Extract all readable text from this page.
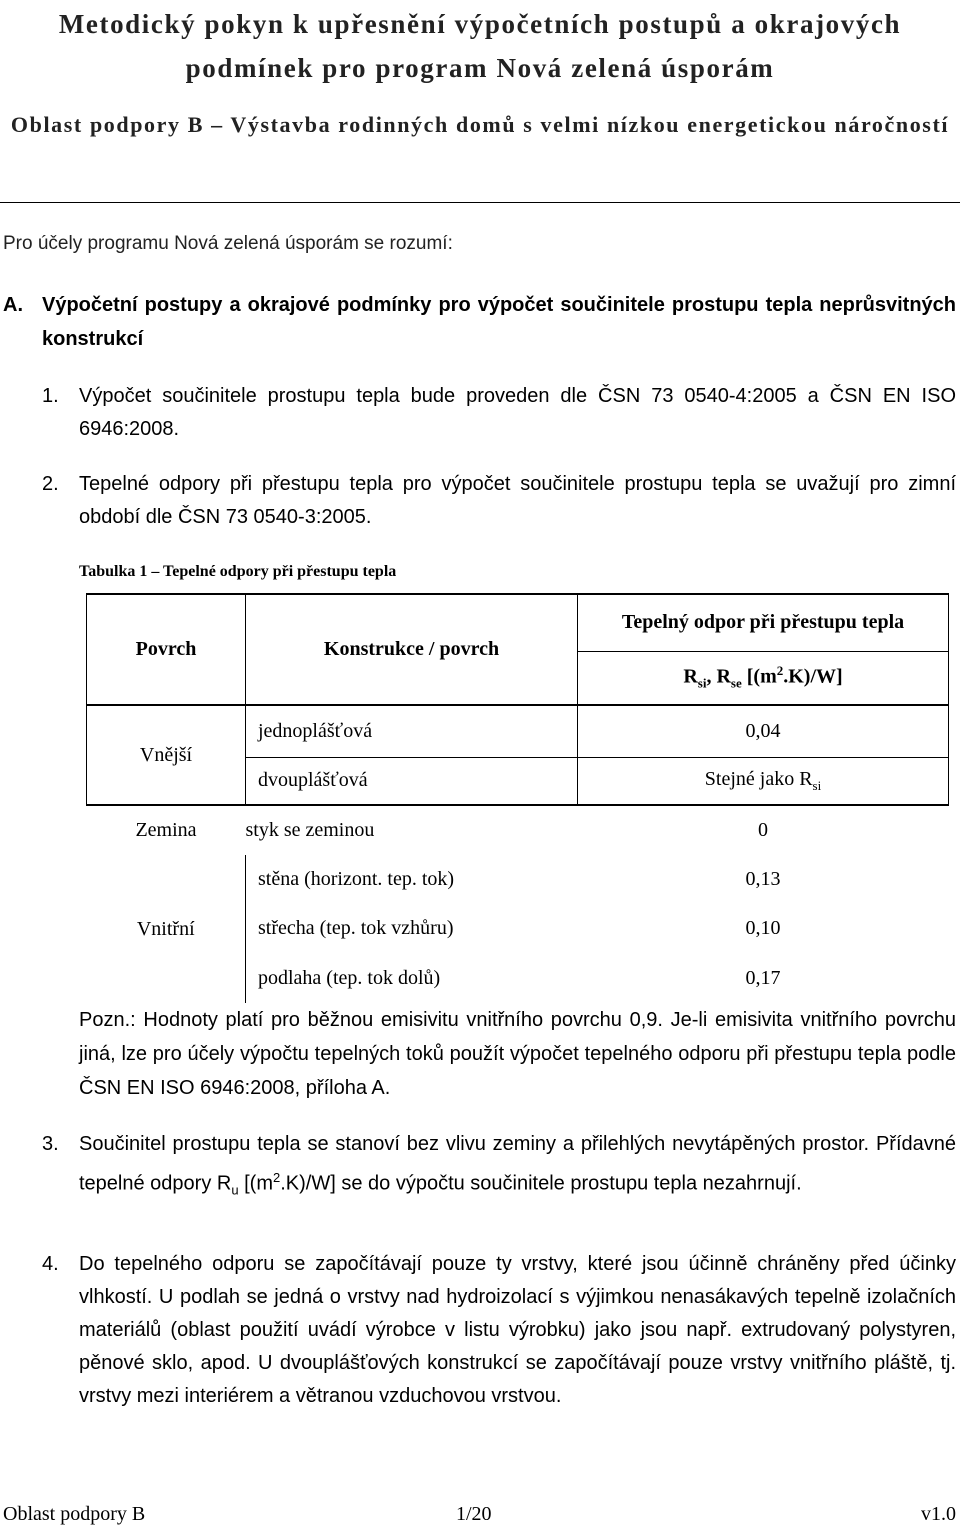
Metodický pokyn k upřesnění výpočetních postupů a okrajových podmínek pro program Nová zelená úsporám
Oblast podpory B – Výstavba rodinných domů s velmi nízkou energetickou náročností
Pro účely programu Nová zelená úsporám se rozumí:
A. Výpočetní postupy a okrajové podmínky pro výpočet součinitele prostupu tepla neprůsvitných konstrukcí
1. Výpočet součinitele prostupu tepla bude proveden dle ČSN 73 0540-4:2005 a ČSN EN ISO 6946:2008.
2. Tepelné odpory při přestupu tepla pro výpočet součinitele prostupu tepla se uvažují pro zimní období dle ČSN 73 0540-3:2005.
Tabulka 1 – Tepelné odpory při přestupu tepla
Povrch	Konstrukce / povrch	Tepelný odpor při přestupu tepla
		$R_{si}$, $R_{se}$ $[(m^2.K)/W]$
Vnější	jednoplášťová	0,04
	dvouplášťová	Stejné jako $R_{si}$
Zemina	styk se zeminou	0
Vnitřní	stěna (horizont. tep. tok)	0,13
	střecha (tep. tok vzhůru)	0,10
	podlaha (tep. tok dolů)	0,17
Pozn.: Hodnoty platí pro běžnou emisivitu vnitřního povrchu 0,9. Je-li emisivita vnitřního povrchu jiná, lze pro účely výpočtu tepelných toků použít výpočet tepelného odporu při přestupu tepla podle ČSN EN ISO 6946:2008, příloha A.
3. Součinitel prostupu tepla se stanoví bez vlivu zeminy a přilehlých nevytápěných prostor. Přídavné tepelné odpory $R_u$ $[(m^2.K)/W]$ se do výpočtu součinitele prostupu tepla nezahrnují.
4. Do tepelného odporu se započítávají pouze ty vrstvy, které jsou účinně chráněny před účinky vlhkostí. U podlah se jedná o vrstvy nad hydroizolací s výjimkou nenasákavých tepelně izolačních materiálů (oblast použití uvádí výrobce v listu výrobku) jako jsou např. extrudovaný polystyren, pěnové sklo, apod. U dvouplášťových konstrukcí se započítávají pouze vrstvy vnitřního pláště, tj. vrstvy mezi interiérem a větranou vzduchovou vrstvou.
Oblast podpory B	1/20	v1.0
